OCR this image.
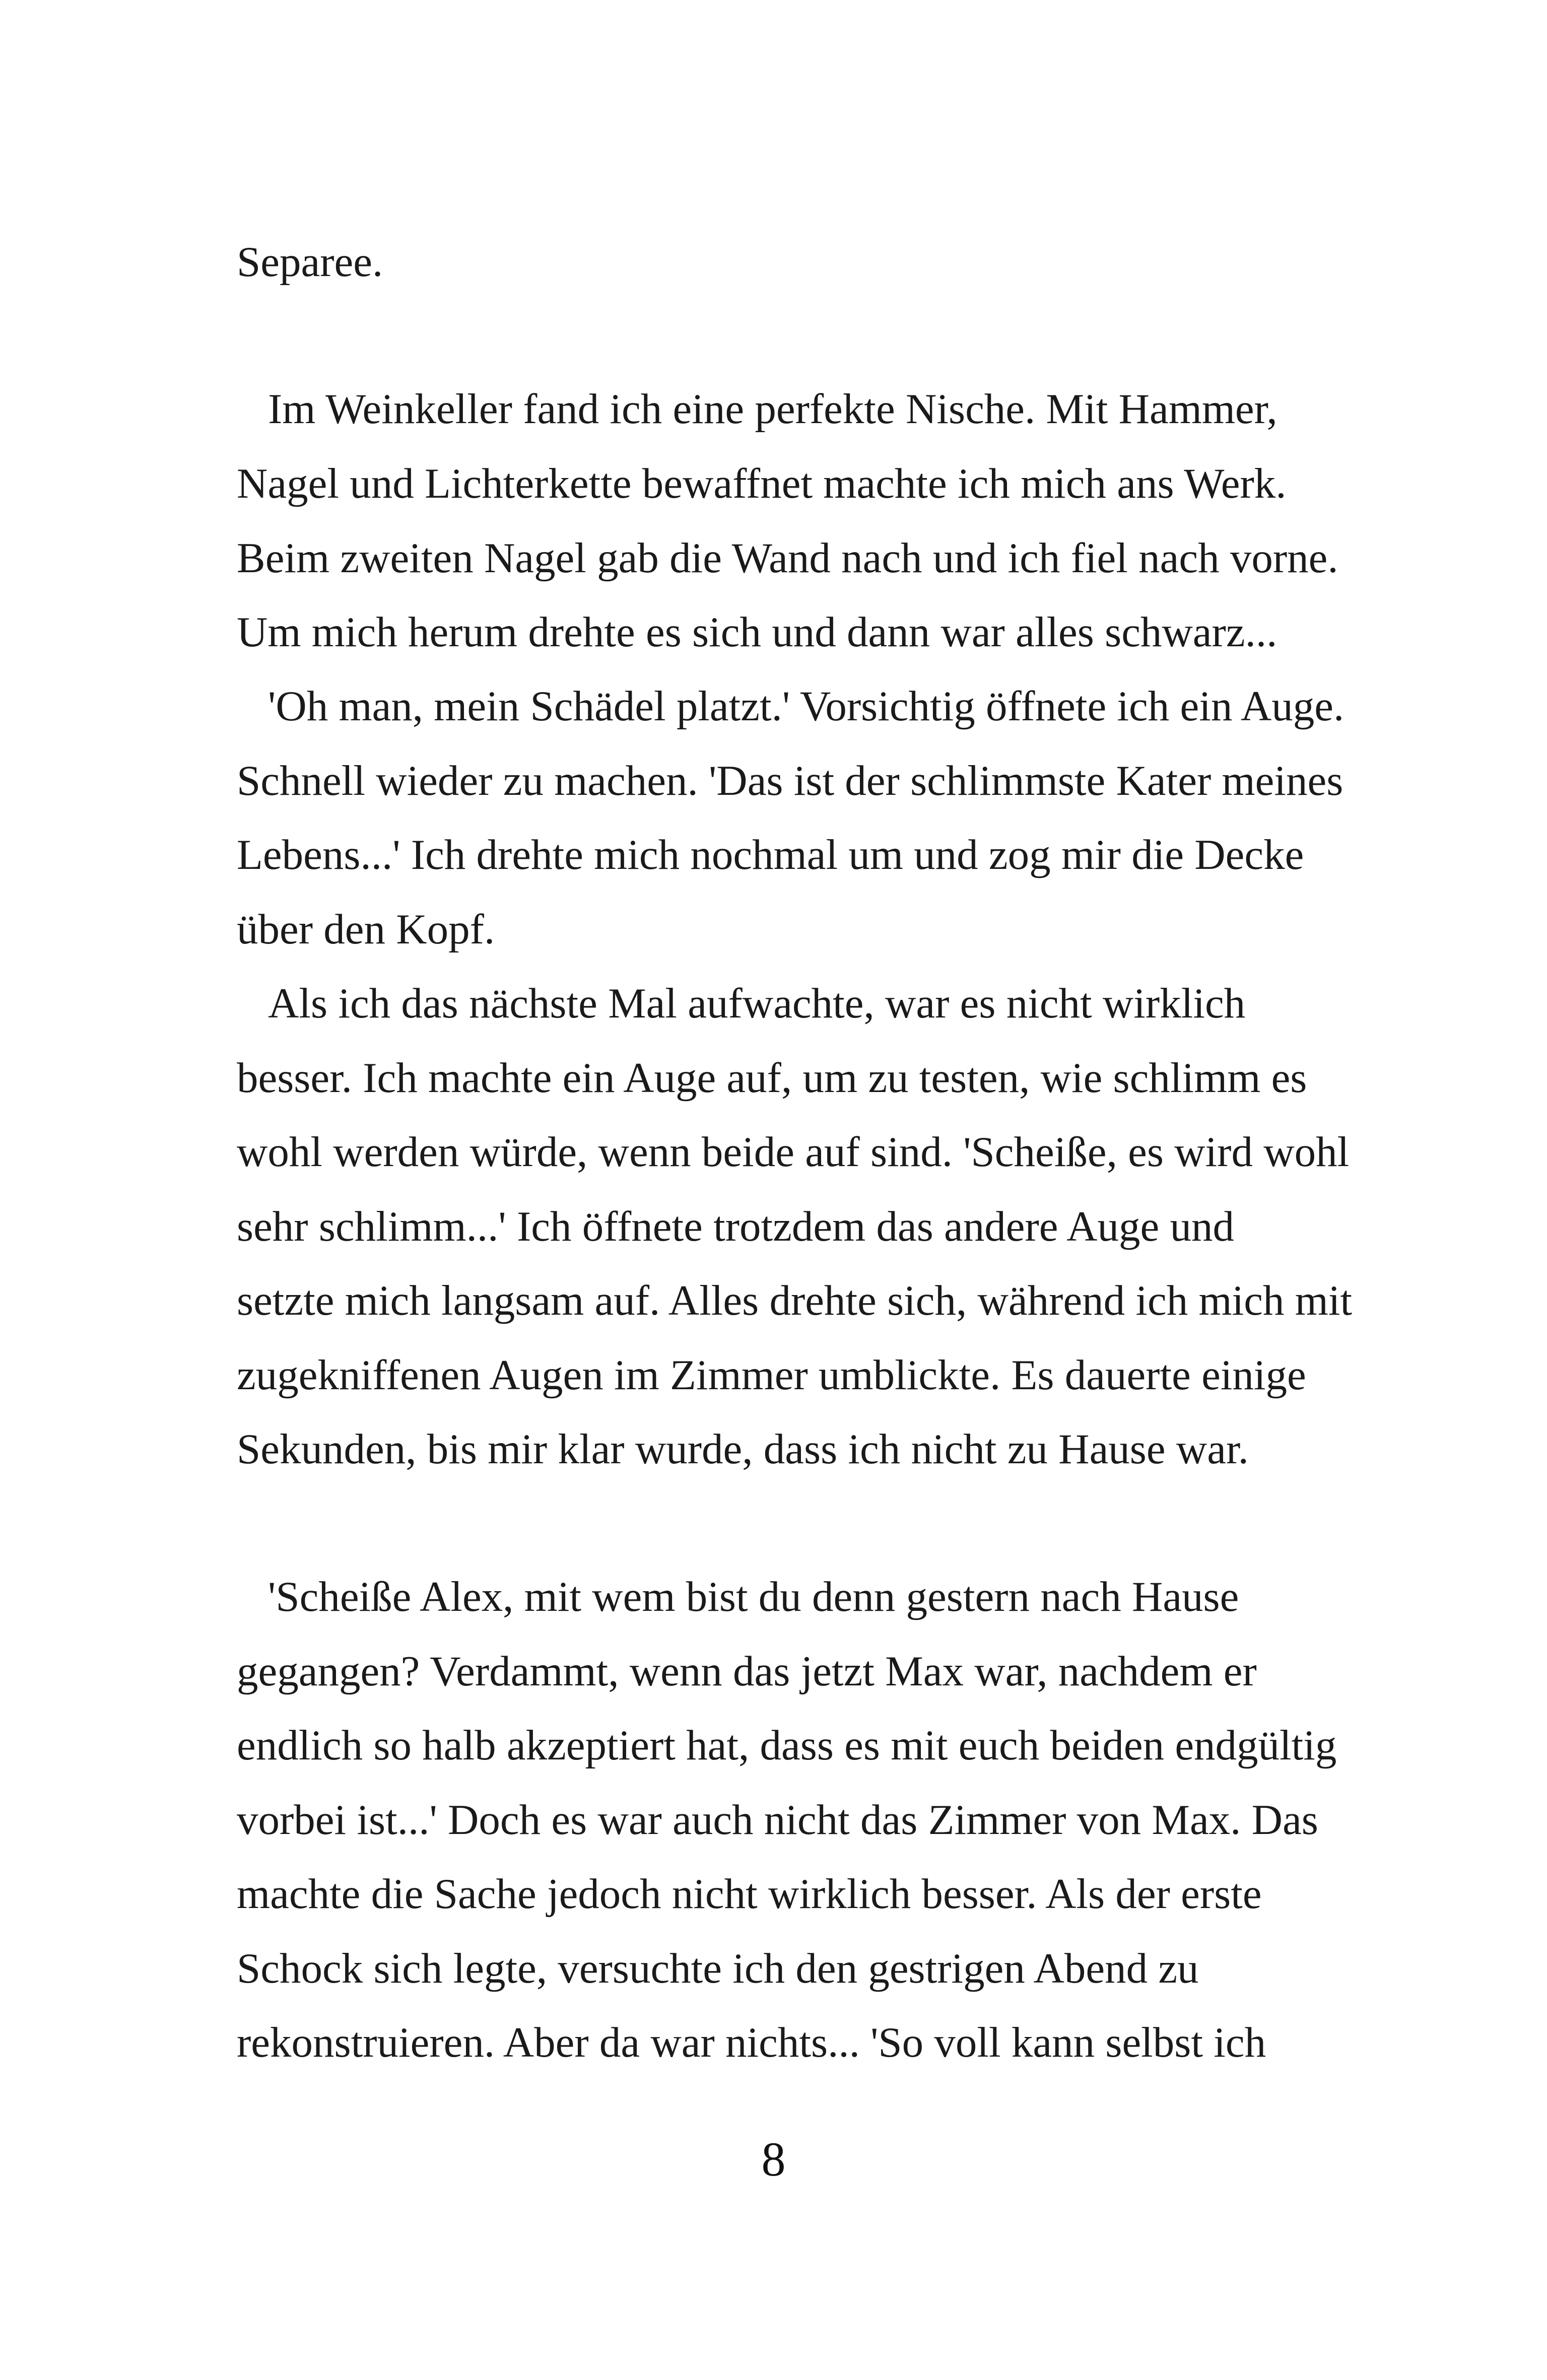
Separee.
Im Weinkeller fand ich eine perfekte Nische. Mit Hammer,
Nagel und Lichterkette bewaffnet machte ich mich ans Werk.
Beim zweiten Nagel gab die Wand nach und ich fiel nach vorne.
Um mich herum drehte es sich und dann war alles schwarz...
'Oh man, mein Schädel platzt.' Vorsichtig öffnete ich ein Auge.
Schnell wieder zu machen. 'Das ist der schlimmste Kater meines
Lebens...' Ich drehte mich nochmal um und zog mir die Decke
über den Kopf.
Als ich das nächste Mal aufwachte, war es nicht wirklich
besser. Ich machte ein Auge auf, um zu testen, wie schlimm es
wohl werden würde, wenn beide auf sind. 'Scheiße, es wird wohl
sehr schlimm...' Ich öffnete trotzdem das andere Auge und
setzte mich langsam auf. Alles drehte sich, während ich mich mit
zugekniffenen Augen im Zimmer umblickte. Es dauerte einige
Sekunden, bis mir klar wurde, dass ich nicht zu Hause war.
'Scheiße Alex, mit wem bist du denn gestern nach Hause
gegangen? Verdammt, wenn das jetzt Max war, nachdem er
endlich so halb akzeptiert hat, dass es mit euch beiden endgültig
vorbei ist...' Doch es war auch nicht das Zimmer von Max. Das
machte die Sache jedoch nicht wirklich besser. Als der erste
Schock sich legte, versuchte ich den gestrigen Abend zu
rekonstruieren. Aber da war nichts... 'So voll kann selbst ich
8
